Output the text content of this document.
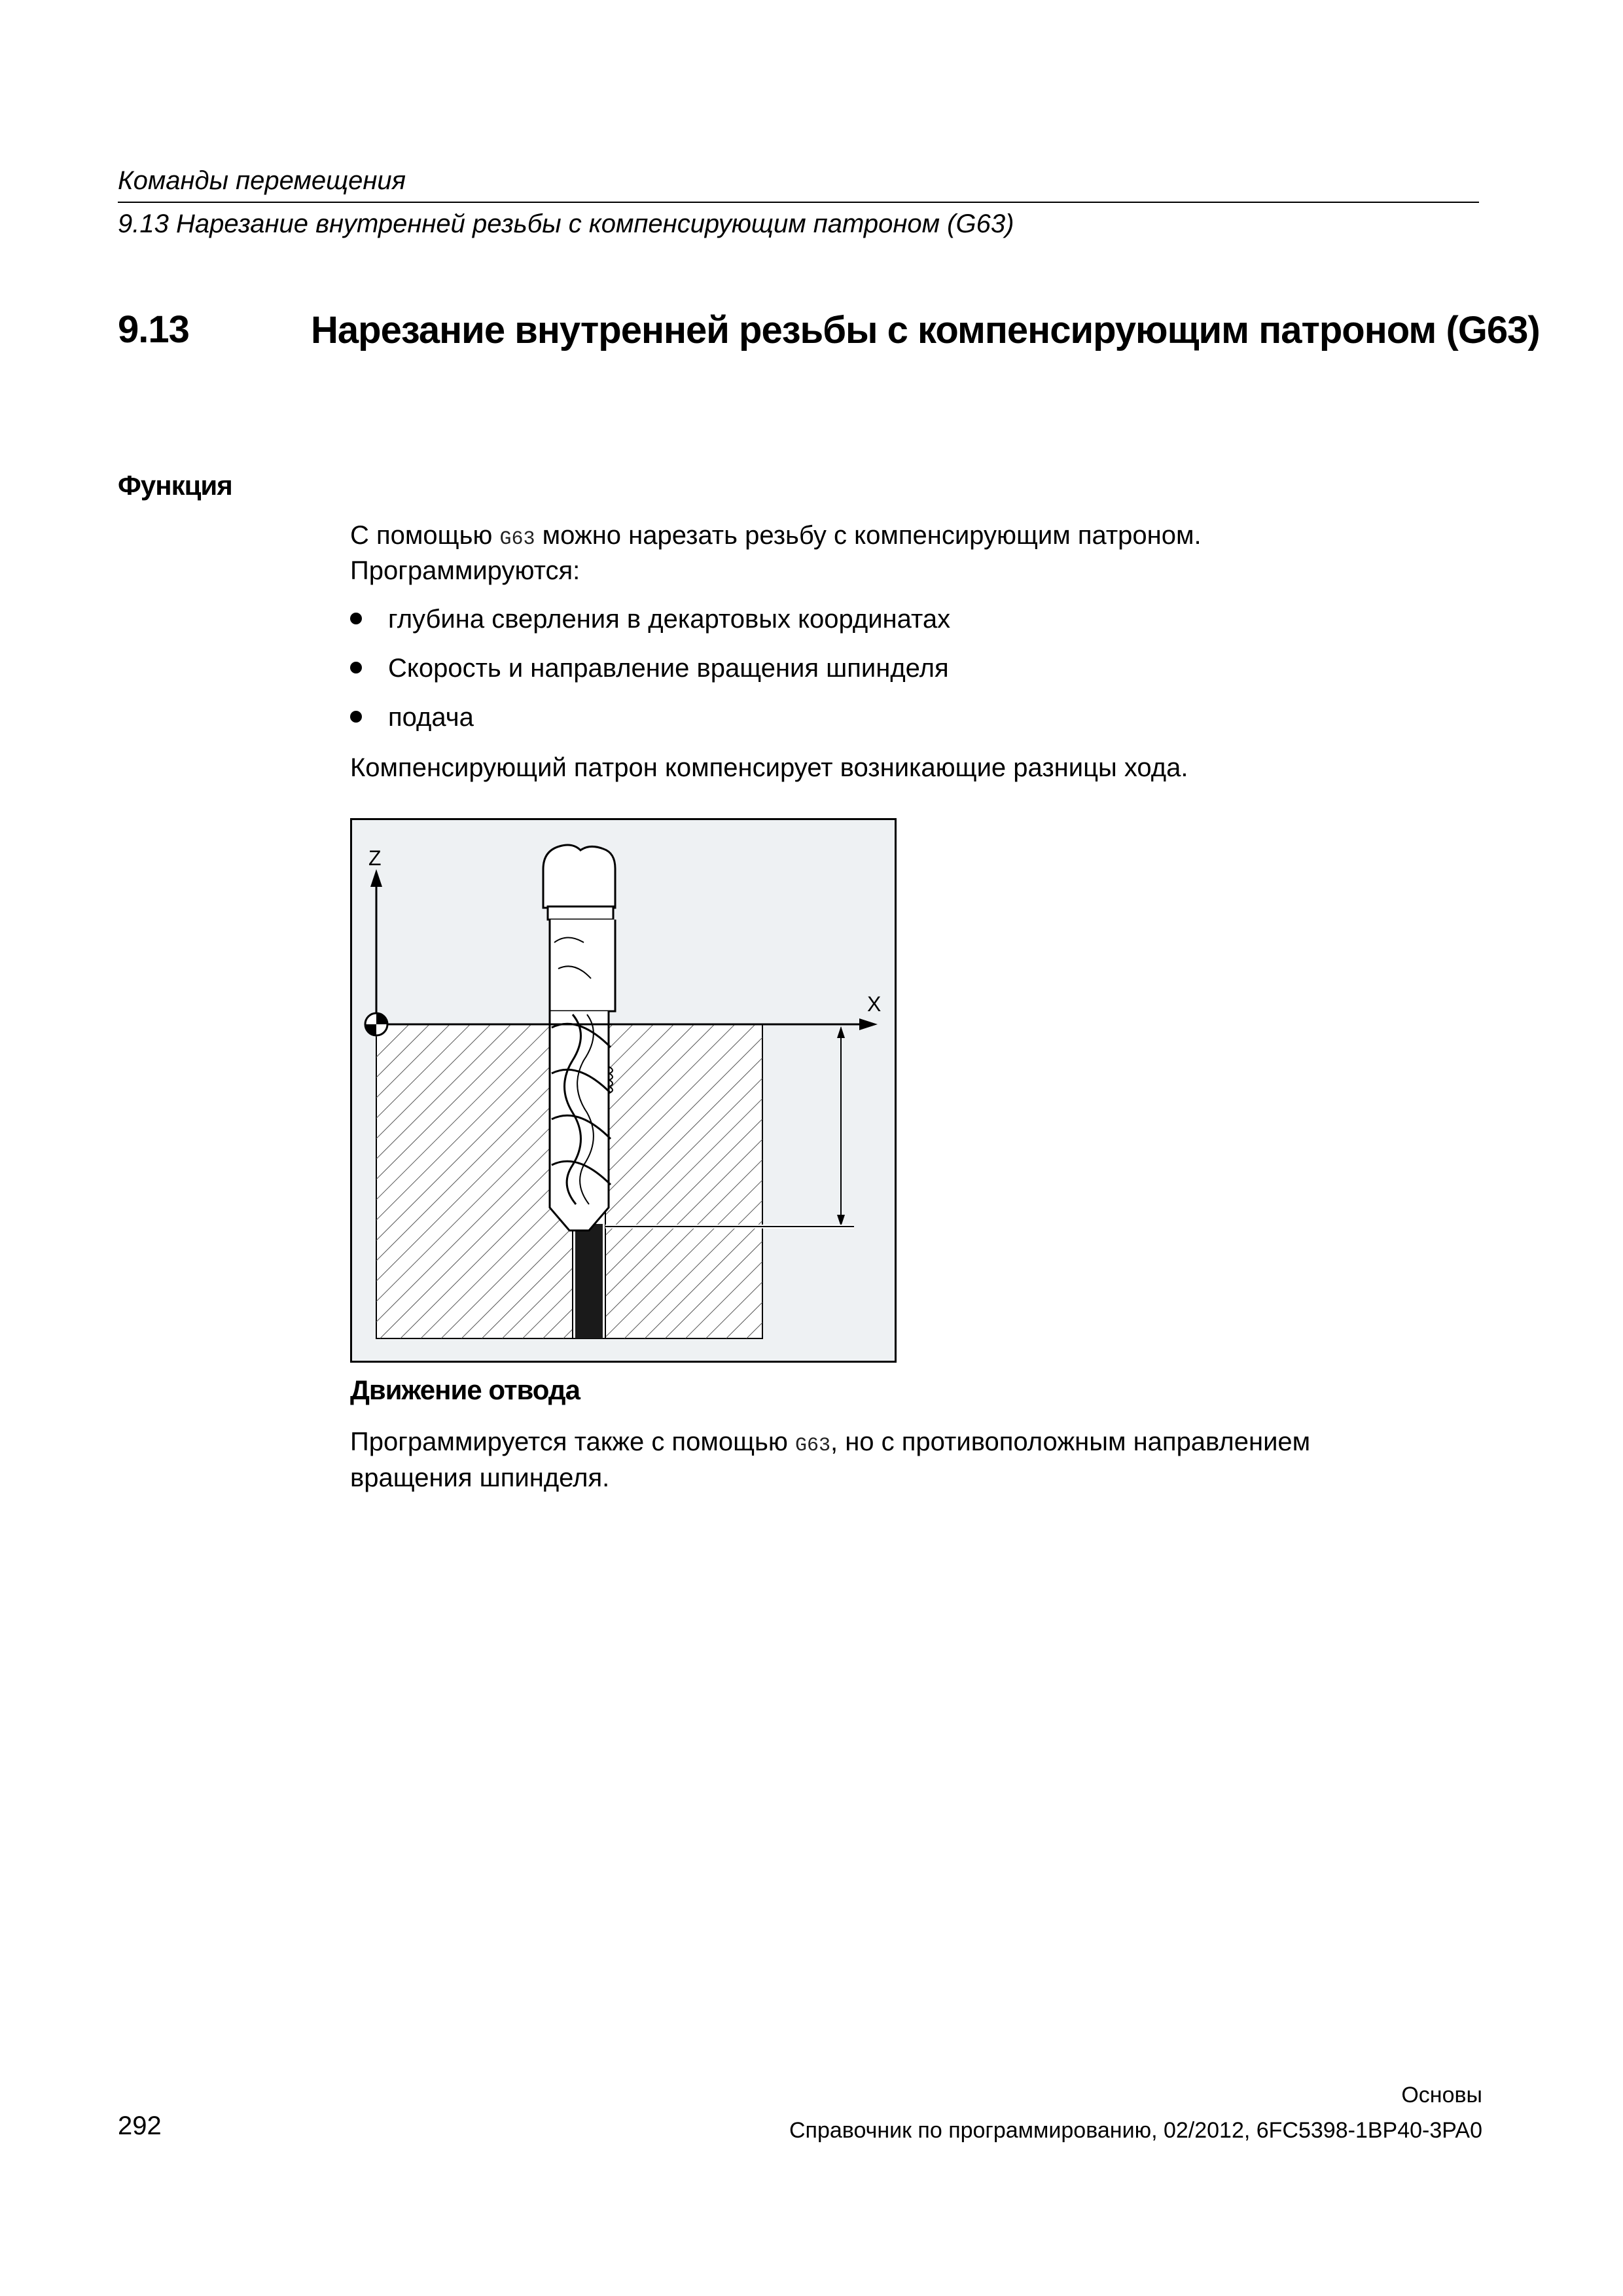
Команды перемещения
9.13 Нарезание внутренней резьбы с компенсирующим патроном (G63)
9.13	Нарезание внутренней резьбы с компенсирующим патроном (G63)
Функция
С помощью G63 можно нарезать резьбу с компенсирующим патроном.
Программируются:
глубина сверления в декартовых координатах
Скорость и направление вращения шпинделя
подача
Компенсирующий патрон компенсирует возникающие разницы хода.
Z
X
Движение отвода
Программируется также с помощью G63, но с противоположным направлением
вращения шпинделя.
Основы
292	Справочник по программированию, 02/2012, 6FC5398-1BP40-3PA0
